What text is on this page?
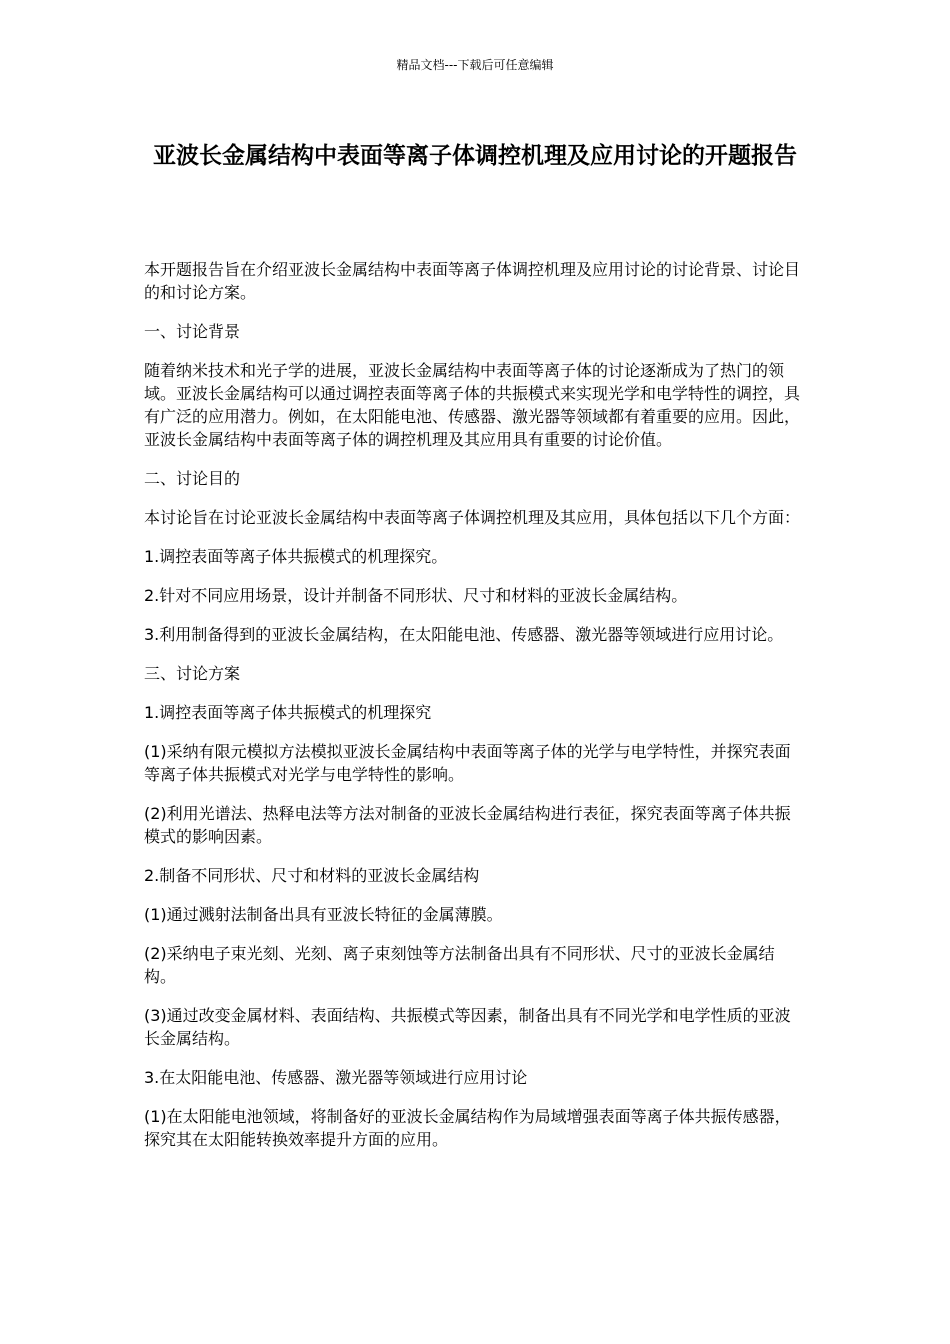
精品文档---下载后可任意编辑
亚波长金属结构中表面等离子体调控机理及应用讨论的开题报告

本开题报告旨在介绍亚波长金属结构中表面等离子体调控机理及应用讨论的讨论背景、讨论目的和讨论方案。

一、讨论背景

随着纳米技术和光子学的进展，亚波长金属结构中表面等离子体的讨论逐渐成为了热门的领域。亚波长金属结构可以通过调控表面等离子体的共振模式来实现光学和电学特性的调控，具有广泛的应用潜力。例如，在太阳能电池、传感器、激光器等领域都有着重要的应用。因此，亚波长金属结构中表面等离子体的调控机理及其应用具有重要的讨论价值。

二、讨论目的

本讨论旨在讨论亚波长金属结构中表面等离子体调控机理及其应用，具体包括以下几个方面：

1.调控表面等离子体共振模式的机理探究。

2.针对不同应用场景，设计并制备不同形状、尺寸和材料的亚波长金属结构。

3.利用制备得到的亚波长金属结构，在太阳能电池、传感器、激光器等领域进行应用讨论。

三、讨论方案

1.调控表面等离子体共振模式的机理探究

(1)采纳有限元模拟方法模拟亚波长金属结构中表面等离子体的光学与电学特性，并探究表面等离子体共振模式对光学与电学特性的影响。

(2)利用光谱法、热释电法等方法对制备的亚波长金属结构进行表征，探究表面等离子体共振模式的影响因素。

2.制备不同形状、尺寸和材料的亚波长金属结构

(1)通过溅射法制备出具有亚波长特征的金属薄膜。

(2)采纳电子束光刻、光刻、离子束刻蚀等方法制备出具有不同形状、尺寸的亚波长金属结构。

(3)通过改变金属材料、表面结构、共振模式等因素，制备出具有不同光学和电学性质的亚波长金属结构。

3.在太阳能电池、传感器、激光器等领域进行应用讨论

(1)在太阳能电池领域，将制备好的亚波长金属结构作为局域增强表面等离子体共振传感器，探究其在太阳能转换效率提升方面的应用。
